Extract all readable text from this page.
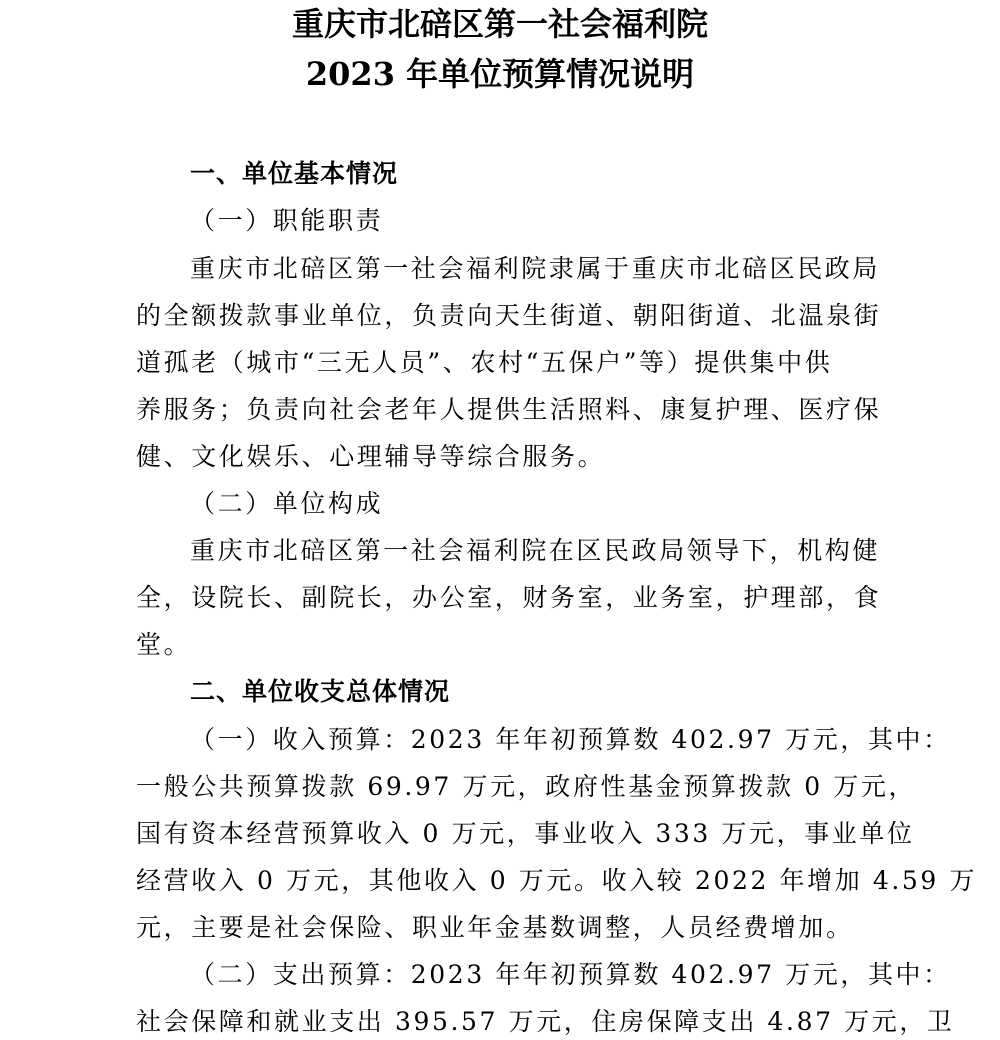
重庆市北碚区第一社会福利院
2023 年单位预算情况说明

一、单位基本情况

（一）职能职责

重庆市北碚区第一社会福利院隶属于重庆市北碚区民政局

的全额拨款事业单位，负责向天生街道、朝阳街道、北温泉街

道孤老（城市“三无人员”、农村“五保户”等）提供集中供

养服务；负责向社会老年人提供生活照料、康复护理、医疗保

健、文化娱乐、心理辅导等综合服务。

（二）单位构成

重庆市北碚区第一社会福利院在区民政局领导下，机构健

全，设院长、副院长，办公室，财务室，业务室，护理部，食

堂。

二、单位收支总体情况

（一）收入预算：2023 年年初预算数 402.97 万元，其中：

一般公共预算拨款 69.97 万元，政府性基金预算拨款 0 万元，

国有资本经营预算收入 0 万元，事业收入 333 万元，事业单位

经营收入 0 万元，其他收入 0 万元。收入较 2022 年增加 4.59 万

元，主要是社会保险、职业年金基数调整，人员经费增加。

（二）支出预算：2023 年年初预算数 402.97 万元，其中：

社会保障和就业支出 395.57 万元，住房保障支出 4.87 万元，卫
